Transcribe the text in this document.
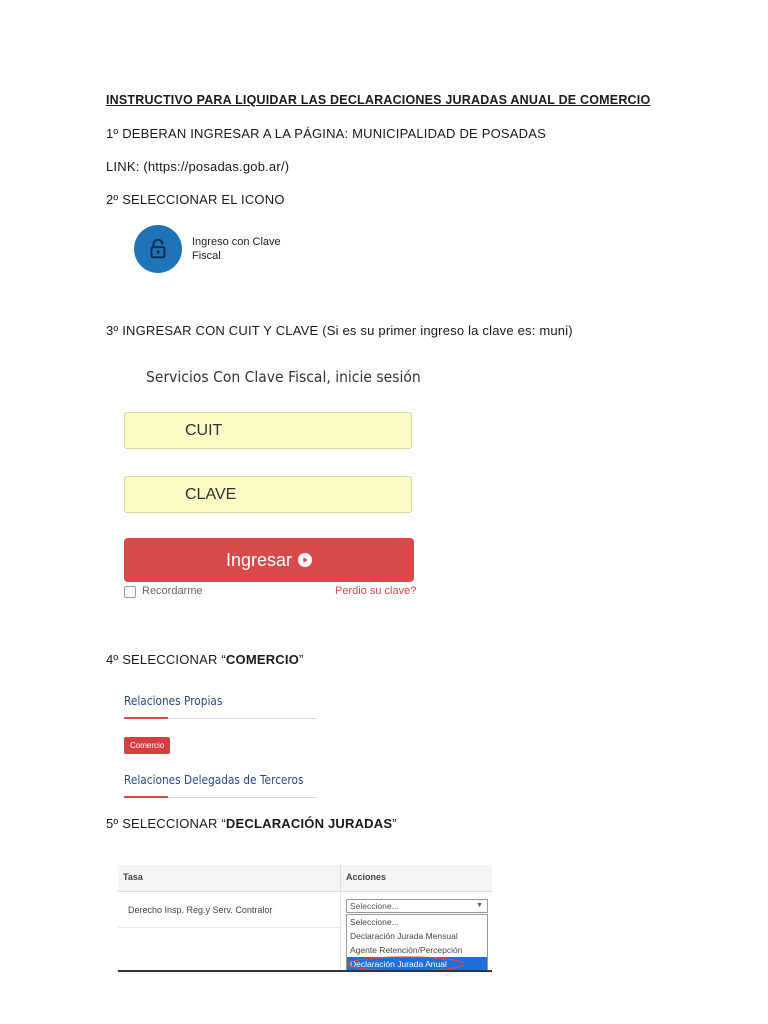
INSTRUCTIVO PARA LIQUIDAR LAS DECLARACIONES JURADAS ANUAL DE COMERCIO
1º DEBERAN INGRESAR A LA PÁGINA: MUNICIPALIDAD DE POSADAS
LINK: (https://posadas.gob.ar/)
2º SELECCIONAR EL ICONO
Ingreso con Clave
Fiscal
3º INGRESAR CON CUIT Y CLAVE (Si es su primer ingreso la clave es: muni)
Servicios Con Clave Fiscal, inicie sesión
CUIT
CLAVE
Ingresar
Recordarme	Perdio su clave?
4º SELECCIONAR “COMERCIO”
Relaciones Propias
Comercio
Relaciones Delegadas de Terceros
5º SELECCIONAR “DECLARACIÓN JURADAS”
Tasa	Acciones
Derecho Insp. Reg.y Serv. Contralor	Seleccione...	▼
Seleccione...
Declaración Jurada Mensual
Agente Retención/Percepción
Declaración Jurada Anual
